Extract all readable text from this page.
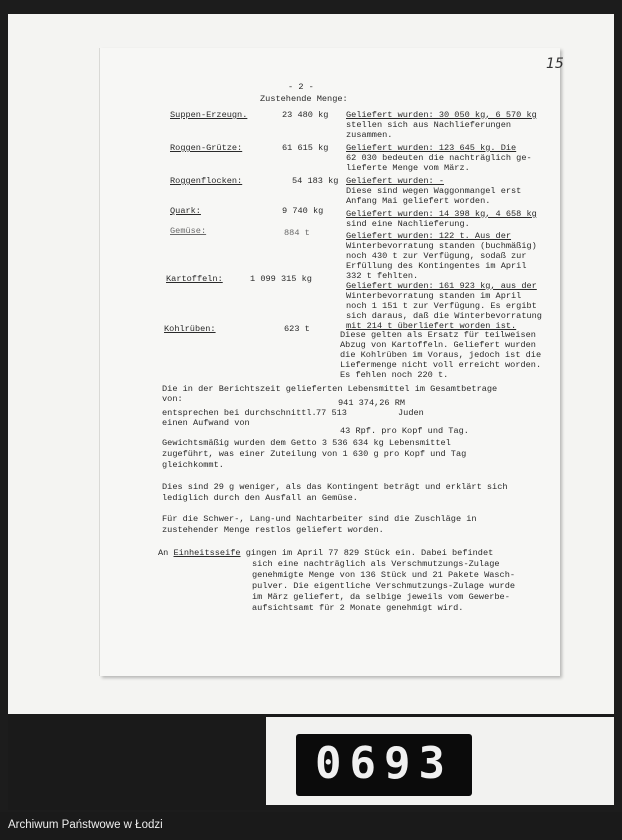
- 2 -
Zustehende Menge:
Suppen-Erzeugn.	23 480 kg Geliefert wurden: 30 050 kg, 6 570 kg
stellen sich aus Nachlieferungen
zusammen.
Roggen-Grütze:	61 615 kg Geliefert wurden: 123 645 kg. Die
62 030 bedeuten die nachträglich ge-
lieferte Menge vom März.
Roggenflocken:	54 183 kg Geliefert wurden: -
Diese sind wegen Waggonmangel erst
Anfang Mai geliefert worden.
Quark:	9 740 kg	Geliefert wurden: 14 398 kg, 4 658 kg
sind eine Nachlieferung.
Gemüse:	884 t	Geliefert wurden: 122 t. Aus der
Winterbevorratung standen (buchmäßig)
noch 430 t zur Verfügung, sodaß zur
Erfüllung des Kontingentes im April
332 t fehlten.
Kartoffeln:	1 099 315 kg
Geliefert wurden: 161 923 kg, aus der
Winterbevorratung standen im April
noch 1 151 t zur Verfügung. Es ergibt
sich daraus, daß die Winterbevorratung
mit 214 t überliefert worden ist.
Kohlrüben:	623 t
Diese gelten als Ersatz für teilweisen
Abzug von Kartoffeln. Geliefert wurden
die Kohlrüben im Voraus, jedoch ist die
Liefermenge nicht voll erreicht worden.
Es fehlen noch 220 t.
Die in der Berichtszeit gelieferten Lebensmittel im Gesamtbetrage
von:	941 374,26 RM
entsprechen bei durchschnittl. 77 513	Juden
einen Aufwand von
43 Rpf. pro Kopf und Tag.
Gewichtsmäßig wurden dem Getto 3 536 634 kg Lebensmittel
zugeführt, was einer Zuteilung von 1 630 g pro Kopf und Tag
gleichkommt.
Dies sind 29 g weniger, als das Kontingent beträgt und erklärt sich
lediglich durch den Ausfall an Gemüse.
Für die Schwer-, Lang-und Nachtarbeiter sind die Zuschläge in
zustehender Menge restlos geliefert worden.
An Einheitsseife gingen im April 77 829 Stück ein. Dabei befindet
sich eine nachträglich als Verschmutzungs-Zulage
genehmigte Menge von 136 Stück und 21 Pakete Wasch-
pulver. Die eigentliche Verschmutzungs-Zulage wurde
im März geliefert, da selbige jeweils vom Gewerbe-
aufsichtsamt für 2 Monate genehmigt wird.
15
0693
Archiwum Państwowe w Łodzi
